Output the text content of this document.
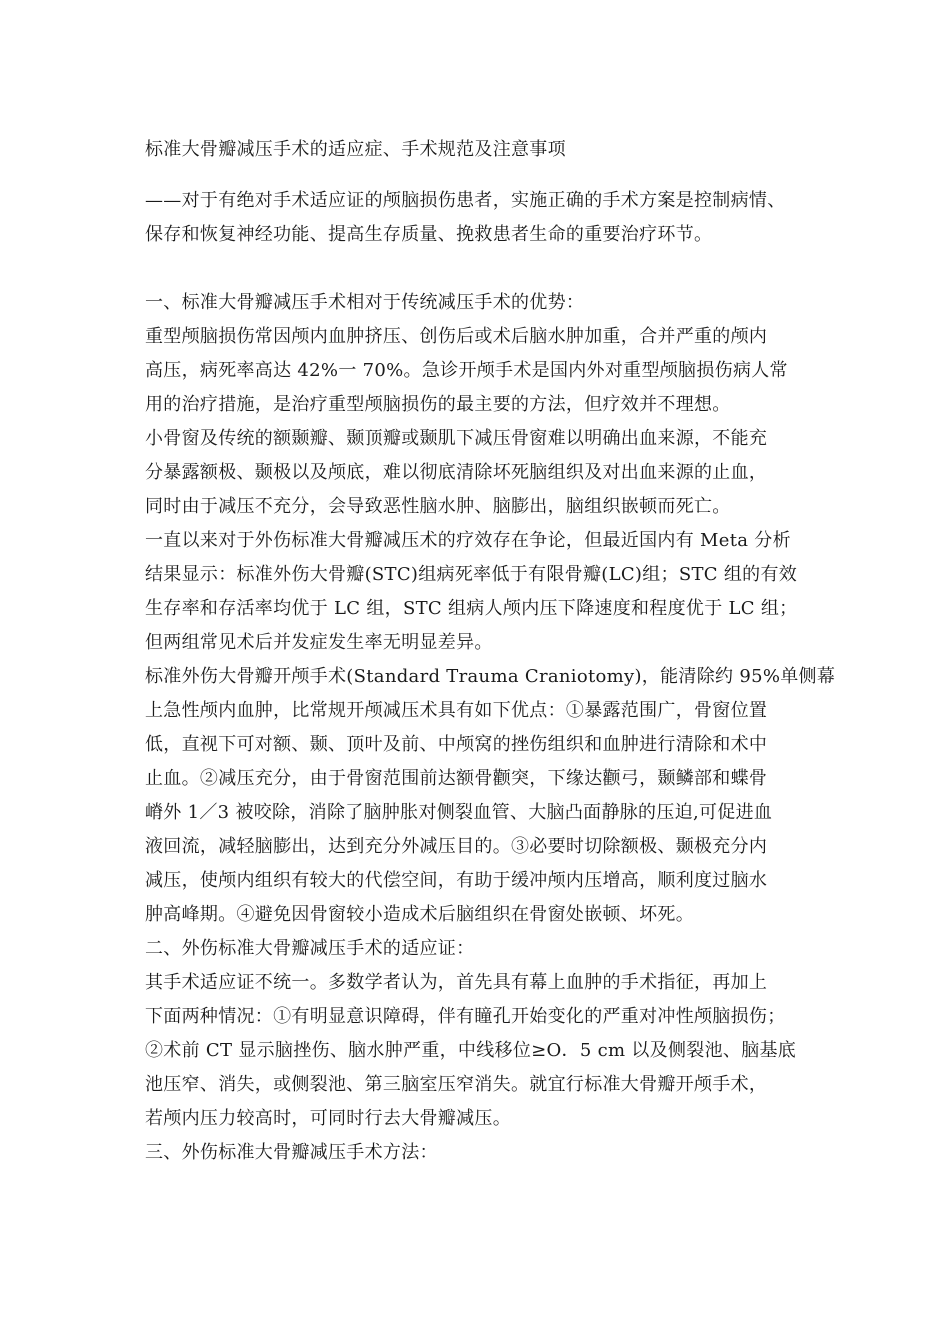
标准大骨瓣减压手术的适应症、手术规范及注意事项
——对于有绝对手术适应证的颅脑损伤患者，实施正确的手术方案是控制病情、
保存和恢复神经功能、提高生存质量、挽救患者生命的重要治疗环节。
一、标准大骨瓣减压手术相对于传统减压手术的优势：
重型颅脑损伤常因颅内血肿挤压、创伤后或术后脑水肿加重，合并严重的颅内
高压，病死率高达 42%一 70%。急诊开颅手术是国内外对重型颅脑损伤病人常
用的治疗措施，是治疗重型颅脑损伤的最主要的方法，但疗效并不理想。
小骨窗及传统的额颞瓣、颞顶瓣或颞肌下减压骨窗难以明确出血来源，不能充
分暴露额极、颞极以及颅底，难以彻底清除坏死脑组织及对出血来源的止血，
同时由于减压不充分，会导致恶性脑水肿、脑膨出，脑组织嵌顿而死亡。
一直以来对于外伤标准大骨瓣减压术的疗效存在争论，但最近国内有 Meta 分析
结果显示：标准外伤大骨瓣(STC)组病死率低于有限骨瓣(LC)组；STC 组的有效
生存率和存活率均优于 LC 组，STC 组病人颅内压下降速度和程度优于 LC 组；
但两组常见术后并发症发生率无明显差异。
标准外伤大骨瓣开颅手术(Standard Trauma Craniotomy)，能清除约 95%单侧幕
上急性颅内血肿，比常规开颅减压术具有如下优点：①暴露范围广，骨窗位置
低，直视下可对额、颞、顶叶及前、中颅窝的挫伤组织和血肿进行清除和术中
止血。②减压充分，由于骨窗范围前达额骨颧突，下缘达颧弓，颞鳞部和蝶骨
嵴外 1／3 被咬除，消除了脑肿胀对侧裂血管、大脑凸面静脉的压迫,可促进血
液回流，减轻脑膨出，达到充分外减压目的。③必要时切除额极、颞极充分内
减压，使颅内组织有较大的代偿空间，有助于缓冲颅内压增高，顺利度过脑水
肿高峰期。④避免因骨窗较小造成术后脑组织在骨窗处嵌顿、坏死。
二、外伤标准大骨瓣减压手术的适应证：
其手术适应证不统一。多数学者认为，首先具有幕上血肿的手术指征，再加上
下面两种情况：①有明显意识障碍，伴有瞳孔开始变化的严重对冲性颅脑损伤；
②术前 CT 显示脑挫伤、脑水肿严重，中线移位≥O．5 cm 以及侧裂池、脑基底
池压窄、消失，或侧裂池、第三脑室压窄消失。就宜行标准大骨瓣开颅手术，
若颅内压力较高时，可同时行去大骨瓣减压。
三、外伤标准大骨瓣减压手术方法：
